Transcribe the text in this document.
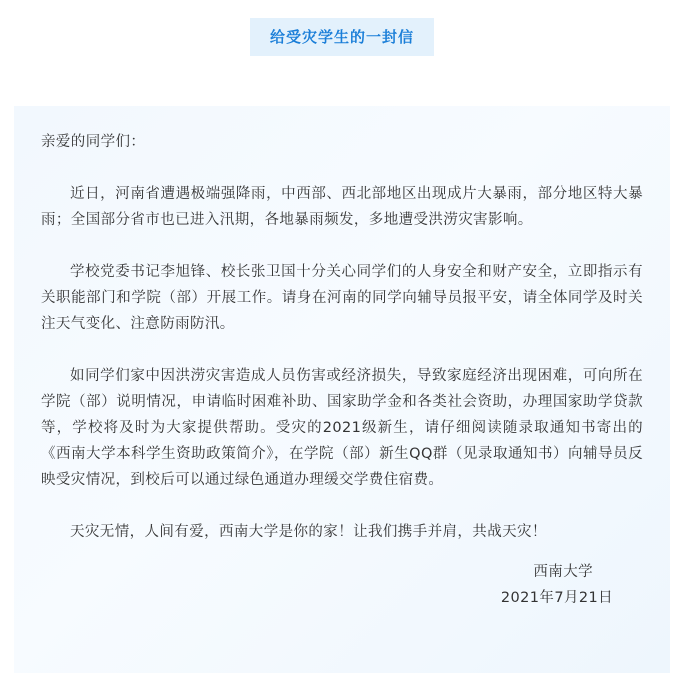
给受灾学生的一封信

亲爱的同学们：

近日，河南省遭遇极端强降雨，中西部、西北部地区出现成片大暴雨，部分地区特大暴雨；全国部分省市也已进入汛期，各地暴雨频发，多地遭受洪涝灾害影响。

学校党委书记李旭锋、校长张卫国十分关心同学们的人身安全和财产安全，立即指示有关职能部门和学院（部）开展工作。请身在河南的同学向辅导员报平安，请全体同学及时关注天气变化、注意防雨防汛。

如同学们家中因洪涝灾害造成人员伤害或经济损失，导致家庭经济出现困难，可向所在学院（部）说明情况，申请临时困难补助、国家助学金和各类社会资助，办理国家助学贷款等，学校将及时为大家提供帮助。受灾的2021级新生，请仔细阅读随录取通知书寄出的《西南大学本科学生资助政策简介》，在学院（部）新生QQ群（见录取通知书）向辅导员反映受灾情况，到校后可以通过绿色通道办理缓交学费住宿费。

天灾无情，人间有爱，西南大学是你的家！让我们携手并肩，共战天灾！

西南大学
2021年7月21日
